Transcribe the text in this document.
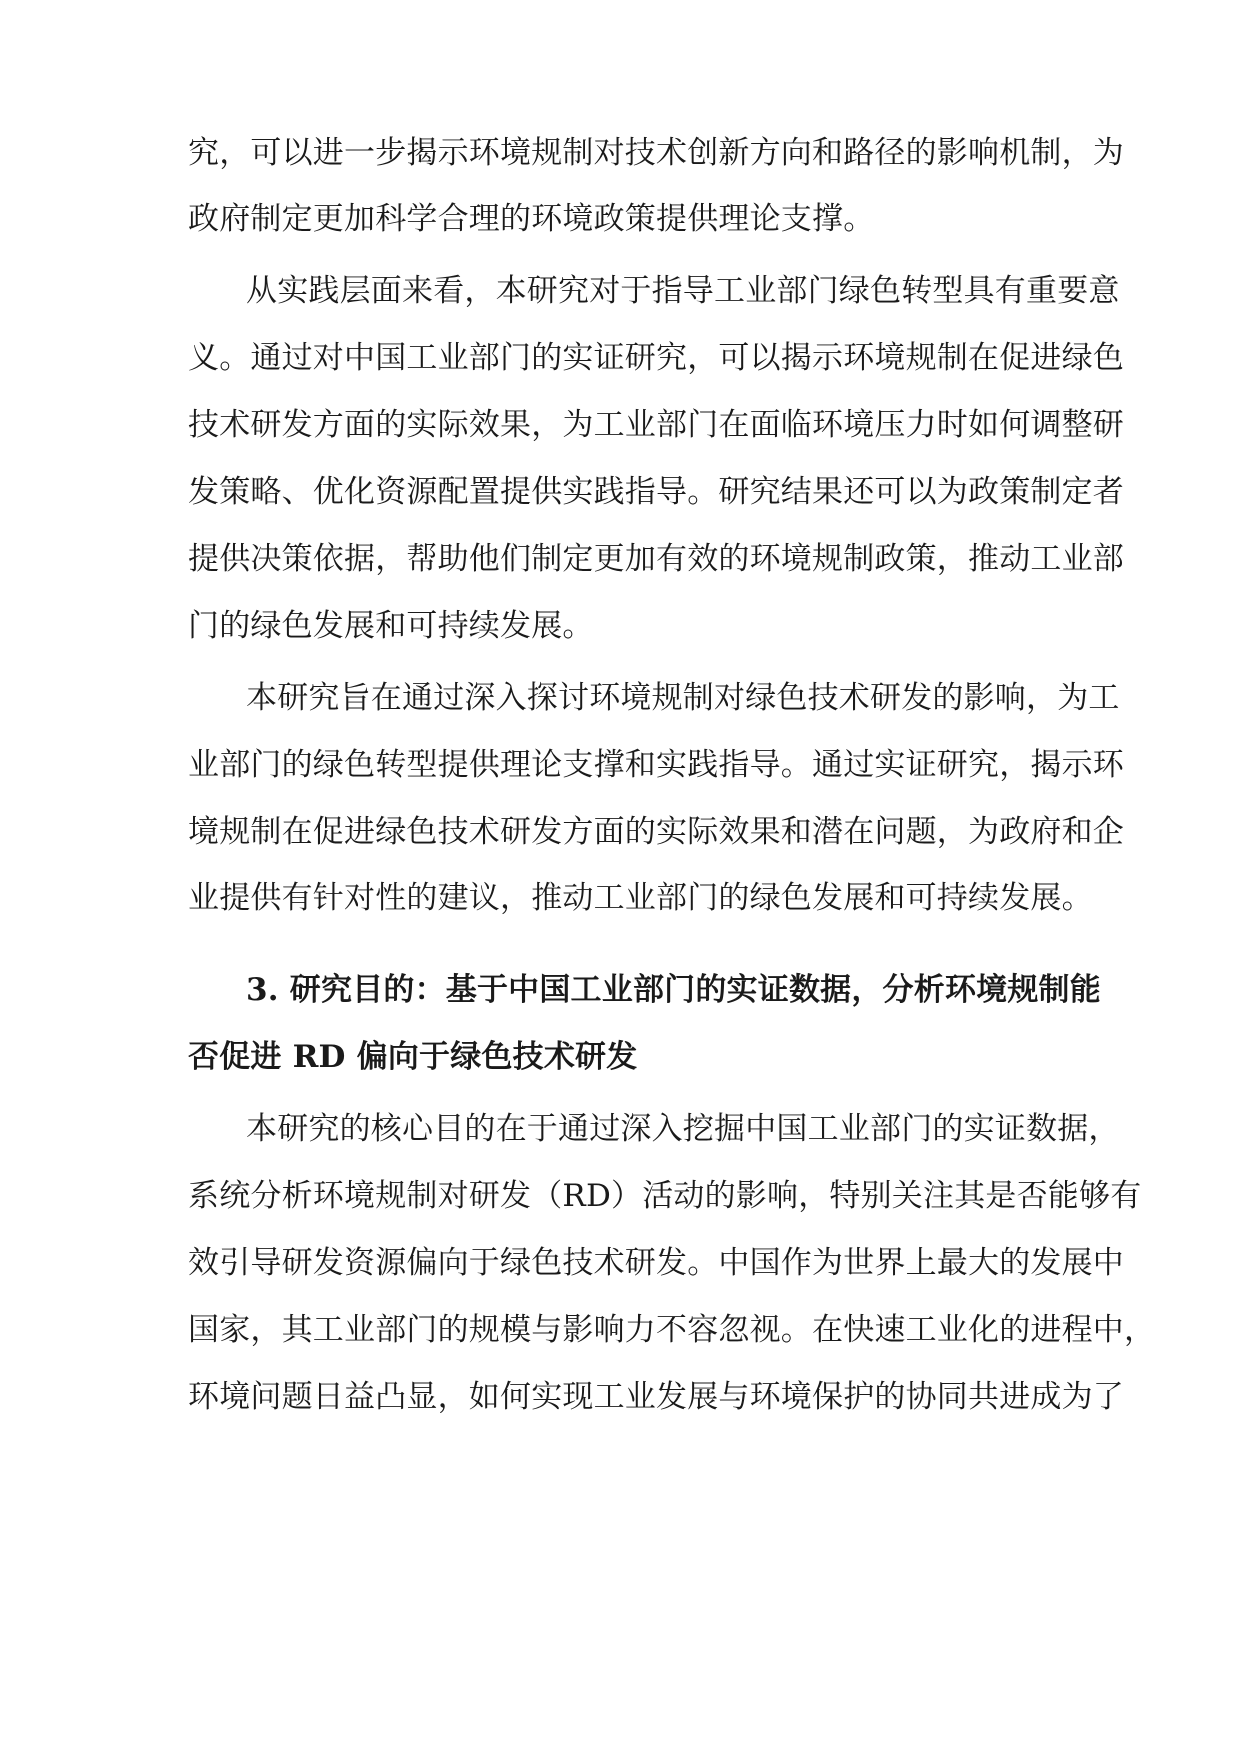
究，可以进一步揭示环境规制对技术创新方向和路径的影响机制，为
政府制定更加科学合理的环境政策提供理论支撑。
从实践层面来看，本研究对于指导工业部门绿色转型具有重要意
义。通过对中国工业部门的实证研究，可以揭示环境规制在促进绿色
技术研发方面的实际效果，为工业部门在面临环境压力时如何调整研
发策略、优化资源配置提供实践指导。研究结果还可以为政策制定者
提供决策依据，帮助他们制定更加有效的环境规制政策，推动工业部
门的绿色发展和可持续发展。
本研究旨在通过深入探讨环境规制对绿色技术研发的影响，为工
业部门的绿色转型提供理论支撑和实践指导。通过实证研究，揭示环
境规制在促进绿色技术研发方面的实际效果和潜在问题，为政府和企
业提供有针对性的建议，推动工业部门的绿色发展和可持续发展。
3. 研究目的：基于中国工业部门的实证数据，分析环境规制能
否促进 RD 偏向于绿色技术研发
本研究的核心目的在于通过深入挖掘中国工业部门的实证数据，
系统分析环境规制对研发（RD）活动的影响，特别关注其是否能够有
效引导研发资源偏向于绿色技术研发。中国作为世界上最大的发展中
国家，其工业部门的规模与影响力不容忽视。在快速工业化的进程中，
环境问题日益凸显，如何实现工业发展与环境保护的协同共进成为了
